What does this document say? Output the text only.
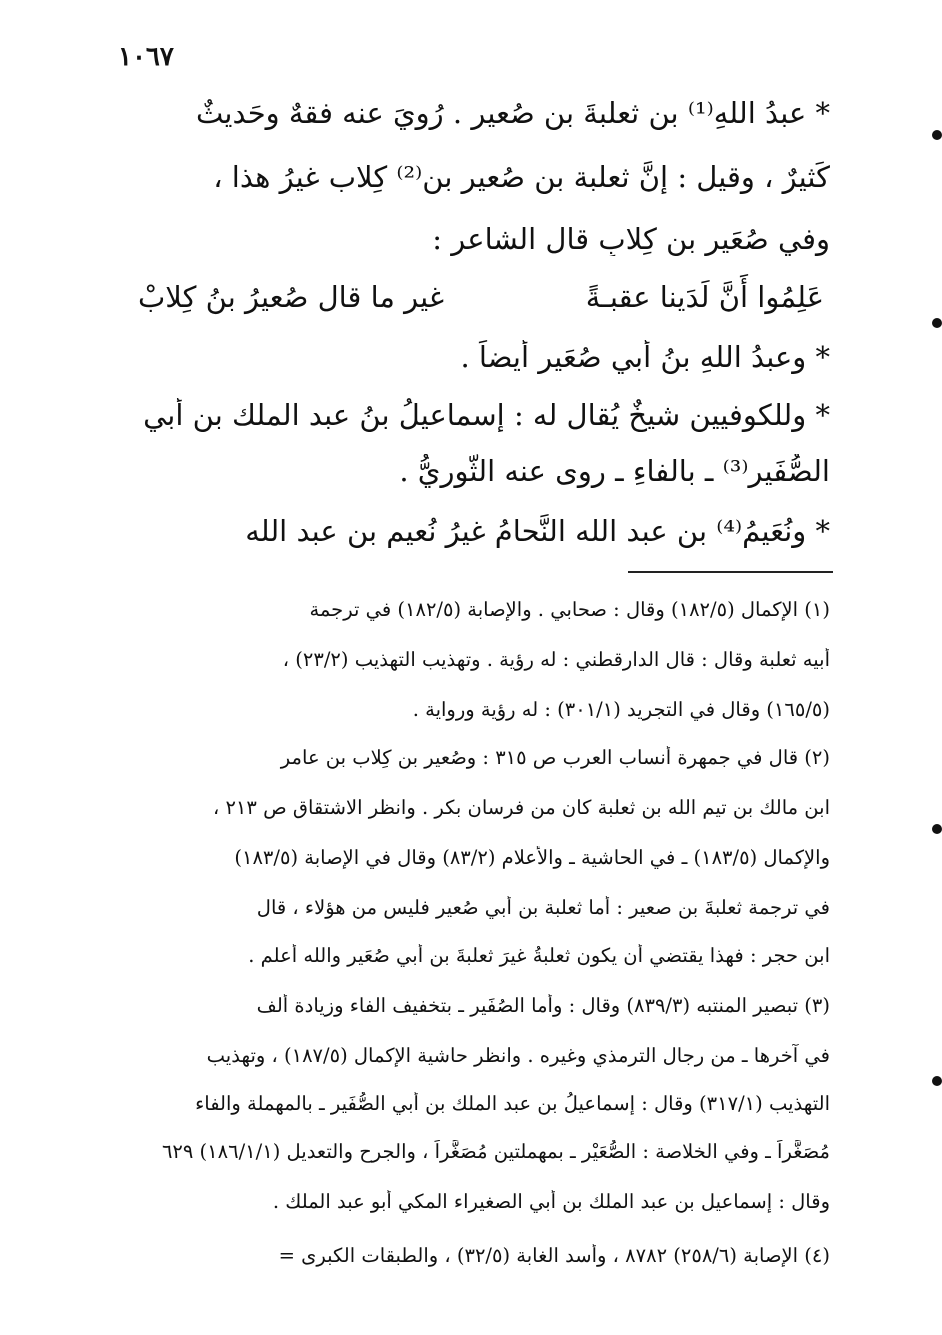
١٠٦٧
* عبدُ اللهِ⁽¹⁾ بن ثعلبةَ بن صُعير . رُوِيَ عنه فقهٌ وحَديثٌ
كَثيرٌ ، وقيل : إنَّ ثعلبة بن صُعيرِ بن⁽²⁾ كِلاب غيرُ هذا ،
وفي صُعَير بن كِلابٍ قال الشاعر :
عَلِمُوا أَنَّ لَدَينا عقبـةً
غير ما قال صُعيرُ بنُ كِلابْ
* وعبدُ اللهِ بنُ أَبي صُعَير أيضاً .
* وللكوفيين شيخٌ يُقال له : إسماعيلُ بنُ عبد الملك بن أَبي
الصُّفَير⁽³⁾ ـ بالفاءِ ـ روى عنه الثَّوريُّ .
* ونُعَيمُ⁽⁴⁾ بن عبد الله النَّحامُ غيرُ نُعيم بن عبد الله
(١) الإكمال (١٨٢/٥) وقال : صحابي . والإصابة (١٨٢/٥) في ترجمة
أبيه ثعلبة وقال : قال الدارقطني : له رؤية . وتهذيب التهذيب (٢٣/٢) ،
(١٦٥/٥) وقال في التجريد (٣٠١/١) : له رؤية ورواية .
(٢) قال في جمهرة أنساب العرب ص ٣١٥ : وصُعير بن كِلاب بن عامر
ابن مالك بن تيم الله بن ثعلبة كان من فرسانِ بكرٍ . وانظر الاشتقاق ص ٢١٣ ،
والإكمال (١٨٣/٥) ـ في الحاشية ـ والأعلام (٨٣/٢) وقال في الإصابة (١٨٣/٥)
في ترجمة ثعلبةَ بن صعير : أما ثعلبة بن أبي صُعير فليس من هؤلاء ، قال
ابن حجر : فهذا يقتضي أن يكون ثعلبةُ غيرَ ثعلبةَ بن أبي صُعَير والله أعلم .
(٣) تبصير المنتبه (٨٣٩/٣) وقال : وأما الصُفَير ـ بتخفيف الفاء وزيادة ألف
في آخرها ـ من رجال الترمذي وغيره . وانظر حاشية الإكمال (١٨٧/٥) ، وتهذيب
التهذيب (٣١٧/١) وقال : إسماعيلُ بن عبد الملك بن أبي الصُّفَير ـ بالمهملة والفاء
مُصَغَّراً ـ وفي الخلاصة : الصُّعَيْر ـ بمهملتين مُصَغَّراً ، والجرح والتعديل (١٨٦/١/١) ٦٢٩
وقال : إسماعيل بن عبد الملك بن أبي الصغيراء المكي أبو عبد الملك .
(٤) الإصابة (٢٥٨/٦) ٨٧٨٢ ، وأسد الغابة (٣٢/٥) ، والطبقات الكبرى =
